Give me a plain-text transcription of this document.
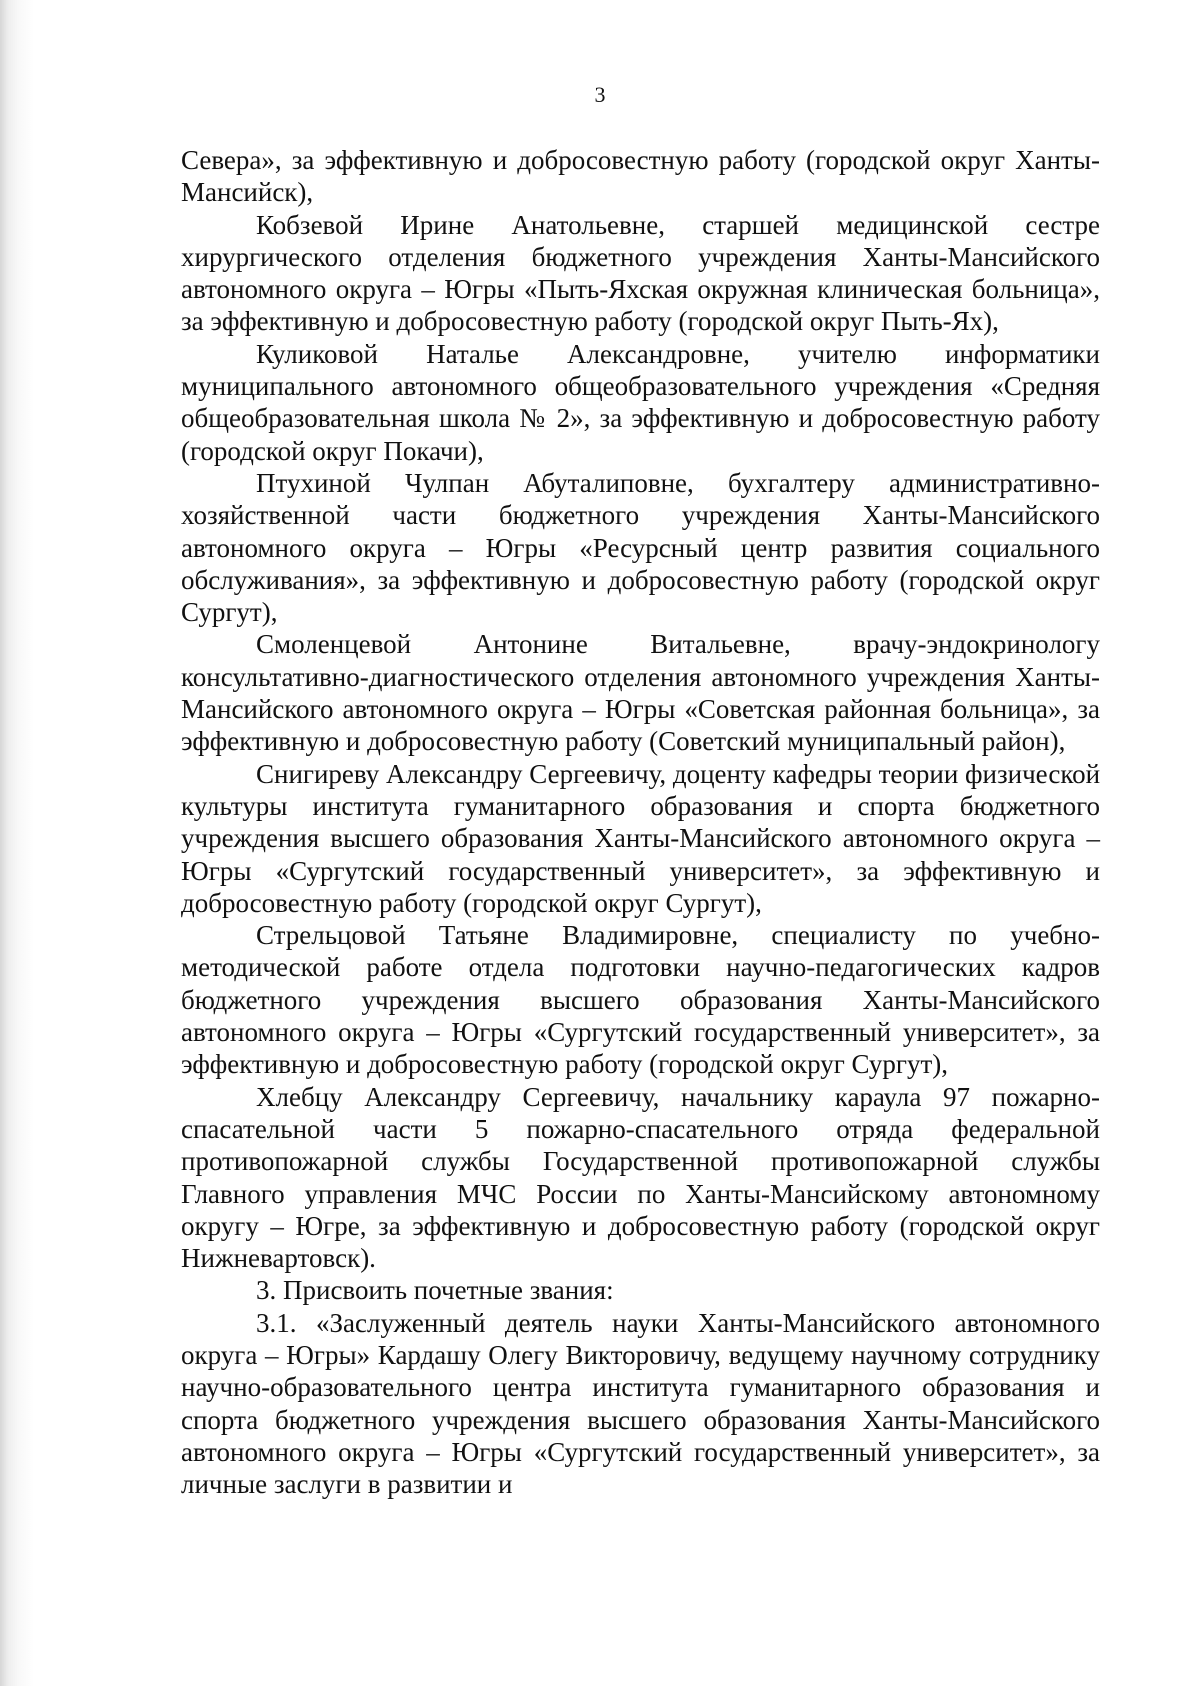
3

Севера», за эффективную и добросовестную работу (городской округ Ханты-Мансийск),

Кобзевой Ирине Анатольевне, старшей медицинской сестре хирургического отделения бюджетного учреждения Ханты-Мансийского автономного округа – Югры «Пыть-Яхская окружная клиническая больница», за эффективную и добросовестную работу (городской округ Пыть-Ях),

Куликовой Наталье Александровне, учителю информатики муниципального автономного общеобразовательного учреждения «Средняя общеобразовательная школа № 2», за эффективную и добросовестную работу (городской округ Покачи),

Птухиной Чулпан Абуталиповне, бухгалтеру административно-хозяйственной части бюджетного учреждения Ханты-Мансийского автономного округа – Югры «Ресурсный центр развития социального обслуживания», за эффективную и добросовестную работу (городской округ Сургут),

Смоленцевой Антонине Витальевне, врачу-эндокринологу консультативно-диагностического отделения автономного учреждения Ханты-Мансийского автономного округа – Югры «Советская районная больница», за эффективную и добросовестную работу (Советский муниципальный район),

Снигиреву Александру Сергеевичу, доценту кафедры теории физической культуры института гуманитарного образования и спорта бюджетного учреждения высшего образования Ханты-Мансийского автономного округа – Югры «Сургутский государственный университет», за эффективную и добросовестную работу (городской округ Сургут),

Стрельцовой Татьяне Владимировне, специалисту по учебно-методической работе отдела подготовки научно-педагогических кадров бюджетного учреждения высшего образования Ханты-Мансийского автономного округа – Югры «Сургутский государственный университет», за эффективную и добросовестную работу (городской округ Сургут),

Хлебцу Александру Сергеевичу, начальнику караула 97 пожарно-спасательной части 5 пожарно-спасательного отряда федеральной противопожарной службы Государственной противопожарной службы Главного управления МЧС России по Ханты-Мансийскому автономному округу – Югре, за эффективную и добросовестную работу (городской округ Нижневартовск).

3. Присвоить почетные звания:

3.1. «Заслуженный деятель науки Ханты-Мансийского автономного округа – Югры» Кардашу Олегу Викторовичу, ведущему научному сотруднику научно-образовательного центра института гуманитарного образования и спорта бюджетного учреждения высшего образования Ханты-Мансийского автономного округа – Югры «Сургутский государственный университет», за личные заслуги в развитии и
